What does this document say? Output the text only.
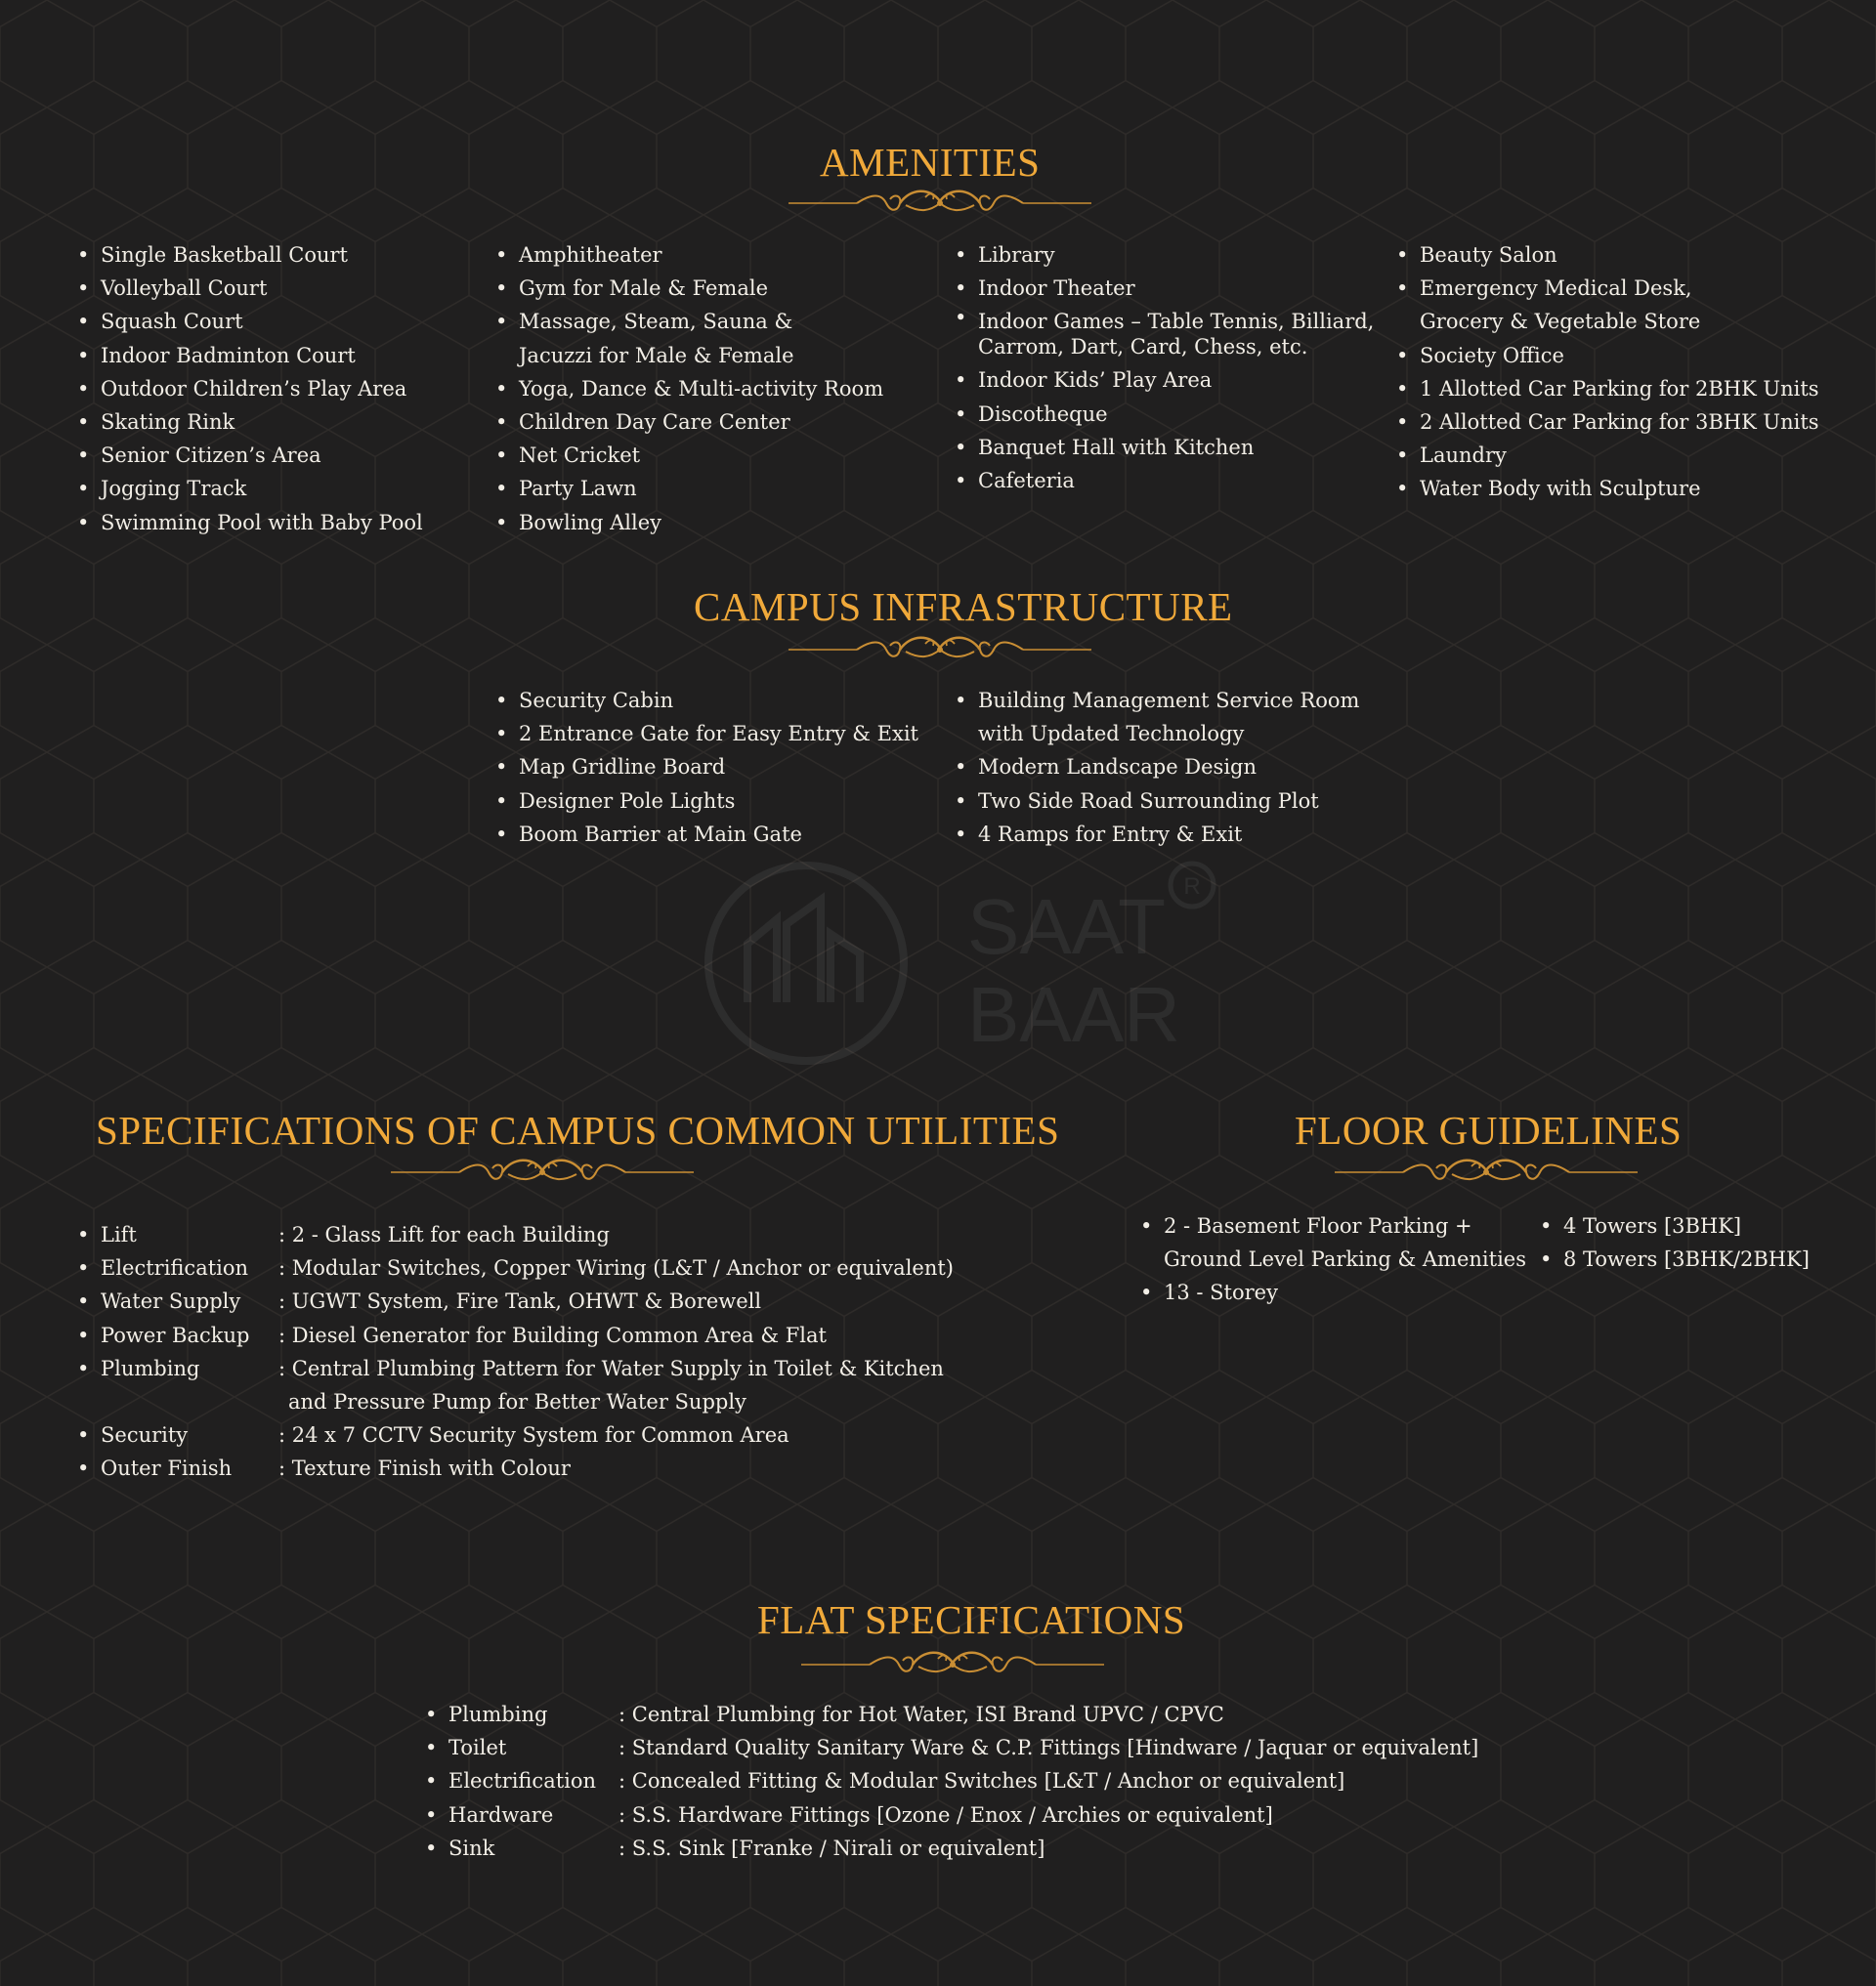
AMENITIES
• Single Basketball Court
• Volleyball Court
• Squash Court
• Indoor Badminton Court
• Outdoor Children’s Play Area
• Skating Rink
• Senior Citizen’s Area
• Jogging Track
• Swimming Pool with Baby Pool
• Amphitheater
• Gym for Male & Female
• Massage, Steam, Sauna &
Jacuzzi for Male & Female
• Yoga, Dance & Multi-activity Room
• Children Day Care Center
• Net Cricket
• Party Lawn
• Bowling Alley
• Library
• Indoor Theater
• Indoor Games – Table Tennis, Billiard,
Carrom, Dart, Card, Chess, etc.
• Indoor Kids’ Play Area
• Discotheque
• Banquet Hall with Kitchen
• Cafeteria
• Beauty Salon
• Emergency Medical Desk,
Grocery & Vegetable Store
• Society Office
• 1 Allotted Car Parking for 2BHK Units
• 2 Allotted Car Parking for 3BHK Units
• Laundry
• Water Body with Sculpture
CAMPUS INFRASTRUCTURE
• Security Cabin
• 2 Entrance Gate for Easy Entry & Exit
• Map Gridline Board
• Designer Pole Lights
• Boom Barrier at Main Gate
• Building Management Service Room
with Updated Technology
• Modern Landscape Design
• Two Side Road Surrounding Plot
• 4 Ramps for Entry & Exit
R
SAAT
BAAR
SPECIFICATIONS OF CAMPUS COMMON UTILITIES
• Lift	: 2 - Glass Lift for each Building
• Electrification	: Modular Switches, Copper Wiring (L&T / Anchor or equivalent)
• Water Supply	: UGWT System, Fire Tank, OHWT & Borewell
• Power Backup	: Diesel Generator for Building Common Area & Flat
• Plumbing	: Central Plumbing Pattern for Water Supply in Toilet & Kitchen
and Pressure Pump for Better Water Supply
• Security	: 24 x 7 CCTV Security System for Common Area
• Outer Finish	: Texture Finish with Colour
FLOOR GUIDELINES
• 2 - Basement Floor Parking +
Ground Level Parking & Amenities
• 13 - Storey
• 4 Towers [3BHK]
• 8 Towers [3BHK/2BHK]
FLAT SPECIFICATIONS
• Plumbing	: Central Plumbing for Hot Water, ISI Brand UPVC / CPVC
• Toilet	: Standard Quality Sanitary Ware & C.P. Fittings [Hindware / Jaquar or equivalent]
• Electrification	: Concealed Fitting & Modular Switches [L&T / Anchor or equivalent]
• Hardware	: S.S. Hardware Fittings [Ozone / Enox / Archies or equivalent]
• Sink	: S.S. Sink [Franke / Nirali or equivalent]
